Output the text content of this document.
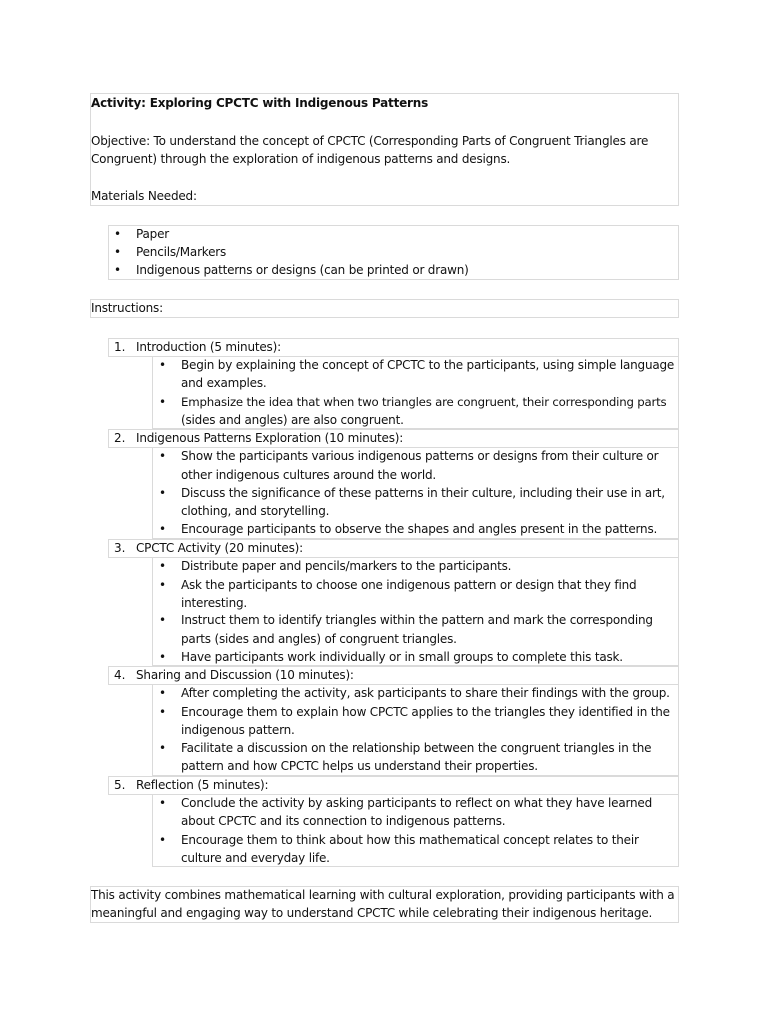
Activity: Exploring CPCTC with Indigenous Patterns
Objective: To understand the concept of CPCTC (Corresponding Parts of Congruent Triangles are
Congruent) through the exploration of indigenous patterns and designs.
Materials Needed:
• Paper
• Pencils/Markers
• Indigenous patterns or designs (can be printed or drawn)
Instructions:
1. Introduction (5 minutes):
• Begin by explaining the concept of CPCTC to the participants, using simple language
and examples.
• Emphasize the idea that when two triangles are congruent, their corresponding parts
(sides and angles) are also congruent.
2. Indigenous Patterns Exploration (10 minutes):
• Show the participants various indigenous patterns or designs from their culture or
other indigenous cultures around the world.
• Discuss the significance of these patterns in their culture, including their use in art,
clothing, and storytelling.
• Encourage participants to observe the shapes and angles present in the patterns.
3. CPCTC Activity (20 minutes):
• Distribute paper and pencils/markers to the participants.
• Ask the participants to choose one indigenous pattern or design that they find
interesting.
• Instruct them to identify triangles within the pattern and mark the corresponding
parts (sides and angles) of congruent triangles.
• Have participants work individually or in small groups to complete this task.
4. Sharing and Discussion (10 minutes):
• After completing the activity, ask participants to share their findings with the group.
• Encourage them to explain how CPCTC applies to the triangles they identified in the
indigenous pattern.
• Facilitate a discussion on the relationship between the congruent triangles in the
pattern and how CPCTC helps us understand their properties.
5. Reflection (5 minutes):
• Conclude the activity by asking participants to reflect on what they have learned
about CPCTC and its connection to indigenous patterns.
• Encourage them to think about how this mathematical concept relates to their
culture and everyday life.
This activity combines mathematical learning with cultural exploration, providing participants with a
meaningful and engaging way to understand CPCTC while celebrating their indigenous heritage.
